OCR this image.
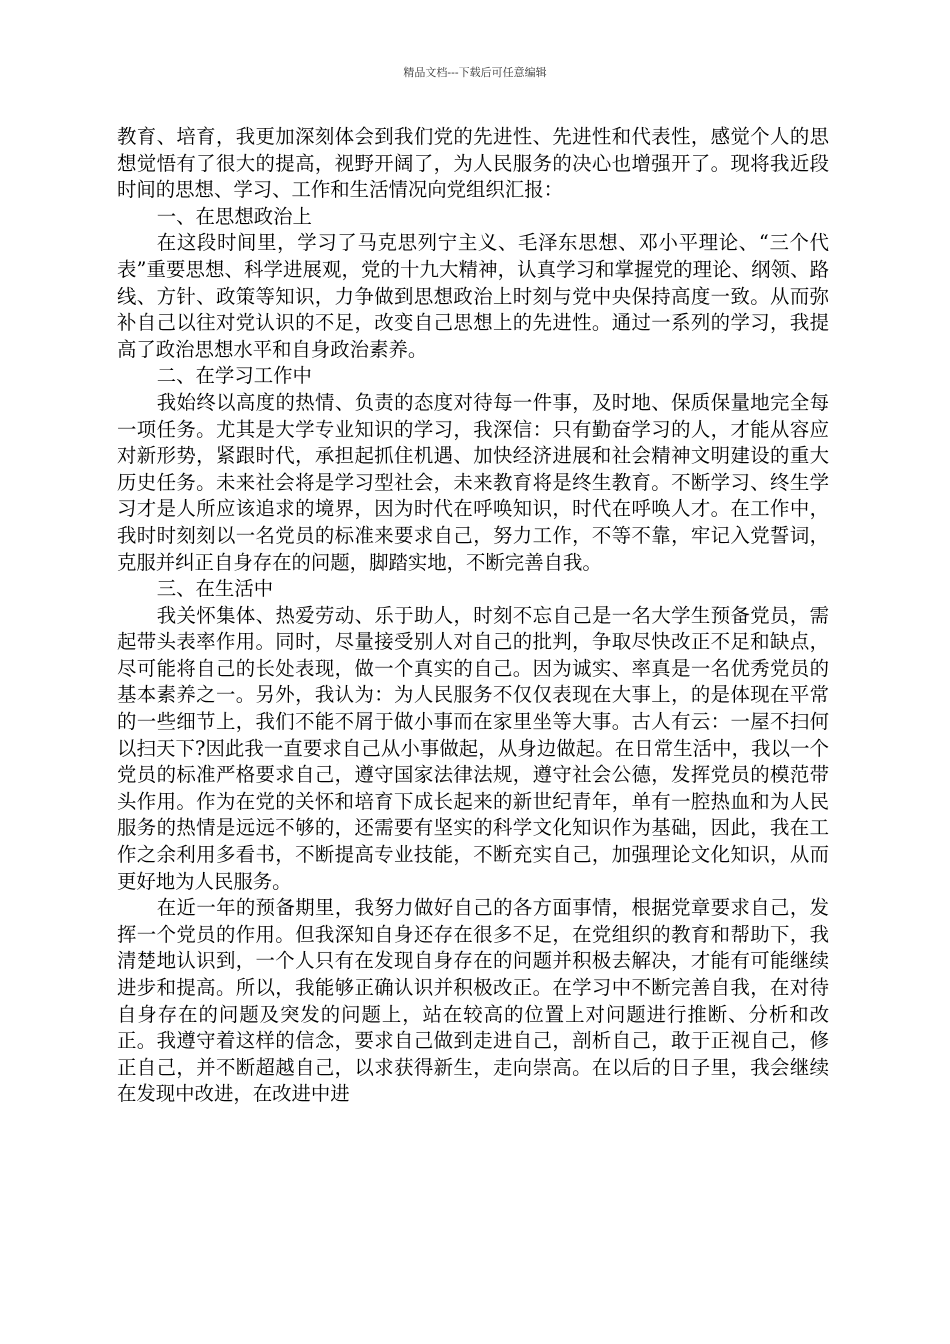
精品文档---下载后可任意编辑

教育、培育，我更加深刻体会到我们党的先进性、先进性和代表性，感觉个人的思想觉悟有了很大的提高，视野开阔了，为人民服务的决心也增强开了。现将我近段时间的思想、学习、工作和生活情况向党组织汇报：

一、在思想政治上

在这段时间里，学习了马克思列宁主义、毛泽东思想、邓小平理论、“三个代表”重要思想、科学进展观，党的十九大精神，认真学习和掌握党的理论、纲领、路线、方针、政策等知识，力争做到思想政治上时刻与党中央保持高度一致。从而弥补自己以往对党认识的不足，改变自己思想上的先进性。通过一系列的学习，我提高了政治思想水平和自身政治素养。

二、在学习工作中

我始终以高度的热情、负责的态度对待每一件事，及时地、保质保量地完全每一项任务。尤其是大学专业知识的学习，我深信：只有勤奋学习的人，才能从容应对新形势，紧跟时代，承担起抓住机遇、加快经济进展和社会精神文明建设的重大历史任务。未来社会将是学习型社会，未来教育将是终生教育。不断学习、终生学习才是人所应该追求的境界，因为时代在呼唤知识，时代在呼唤人才。在工作中，我时时刻刻以一名党员的标准来要求自己，努力工作，不等不靠，牢记入党誓词，克服并纠正自身存在的问题，脚踏实地，不断完善自我。

三、在生活中

我关怀集体、热爱劳动、乐于助人，时刻不忘自己是一名大学生预备党员，需起带头表率作用。同时，尽量接受别人对自己的批判，争取尽快改正不足和缺点，尽可能将自己的长处表现，做一个真实的自己。因为诚实、率真是一名优秀党员的基本素养之一。另外，我认为：为人民服务不仅仅表现在大事上，的是体现在平常的一些细节上，我们不能不屑于做小事而在家里坐等大事。古人有云：一屋不扫何以扫天下?因此我一直要求自己从小事做起，从身边做起。在日常生活中，我以一个党员的标准严格要求自己，遵守国家法律法规，遵守社会公德，发挥党员的模范带头作用。作为在党的关怀和培育下成长起来的新世纪青年，单有一腔热血和为人民服务的热情是远远不够的，还需要有坚实的科学文化知识作为基础，因此，我在工作之余利用多看书，不断提高专业技能，不断充实自己，加强理论文化知识，从而更好地为人民服务。

在近一年的预备期里，我努力做好自己的各方面事情，根据党章要求自己，发挥一个党员的作用。但我深知自身还存在很多不足，在党组织的教育和帮助下，我清楚地认识到，一个人只有在发现自身存在的问题并积极去解决，才能有可能继续进步和提高。所以，我能够正确认识并积极改正。在学习中不断完善自我，在对待自身存在的问题及突发的问题上，站在较高的位置上对问题进行推断、分析和改正。我遵守着这样的信念，要求自己做到走进自己，剖析自己，敢于正视自己，修正自己，并不断超越自己，以求获得新生，走向崇高。在以后的日子里，我会继续在发现中改进，在改进中进
